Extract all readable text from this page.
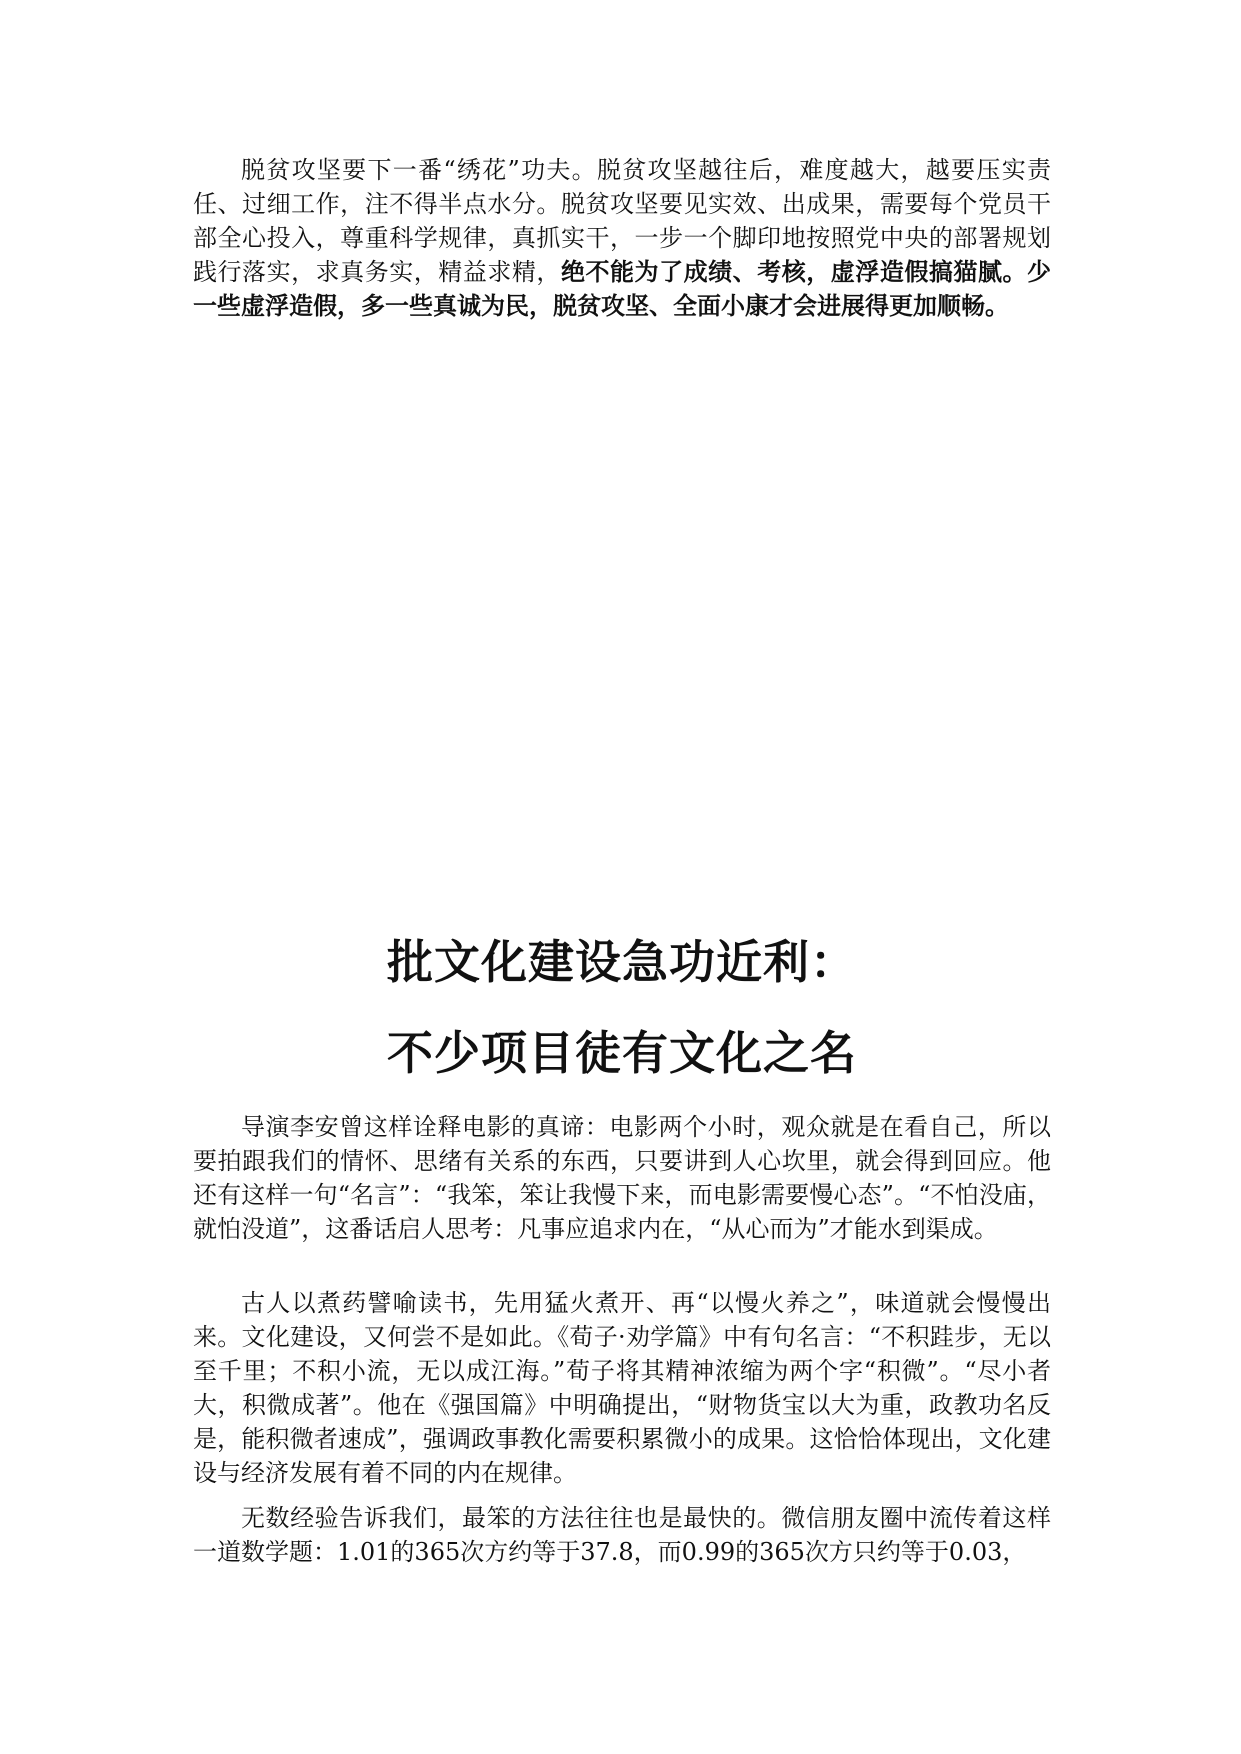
脱贫攻坚要下一番“绣花”功夫。脱贫攻坚越往后，难度越大，越要压实责任、过细工作，注不得半点水分。脱贫攻坚要见实效、出成果，需要每个党员干部全心投入，尊重科学规律，真抓实干，一步一个脚印地按照党中央的部署规划践行落实，求真务实，精益求精，绝不能为了成绩、考核，虚浮造假搞猫腻。少一些虚浮造假，多一些真诚为民，脱贫攻坚、全面小康才会进展得更加顺畅。

批文化建设急功近利：
不少项目徒有文化之名

导演李安曾这样诠释电影的真谛：电影两个小时，观众就是在看自己，所以要拍跟我们的情怀、思绪有关系的东西，只要讲到人心坎里，就会得到回应。他还有这样一句“名言”：“我笨，笨让我慢下来，而电影需要慢心态”。“不怕没庙，就怕没道”，这番话启人思考：凡事应追求内在，“从心而为”才能水到渠成。

古人以煮药譬喻读书，先用猛火煮开、再“以慢火养之”，味道就会慢慢出来。文化建设，又何尝不是如此。《荀子·劝学篇》中有句名言：“不积跬步，无以至千里；不积小流，无以成江海。”荀子将其精神浓缩为两个字“积微”。“尽小者大，积微成著”。他在《强国篇》中明确提出，“财物货宝以大为重，政教功名反是，能积微者速成”，强调政事教化需要积累微小的成果。这恰恰体现出，文化建设与经济发展有着不同的内在规律。

无数经验告诉我们，最笨的方法往往也是最快的。微信朋友圈中流传着这样一道数学题：1.01的365次方约等于37.8，而0.99的365次方只约等于0.03，
